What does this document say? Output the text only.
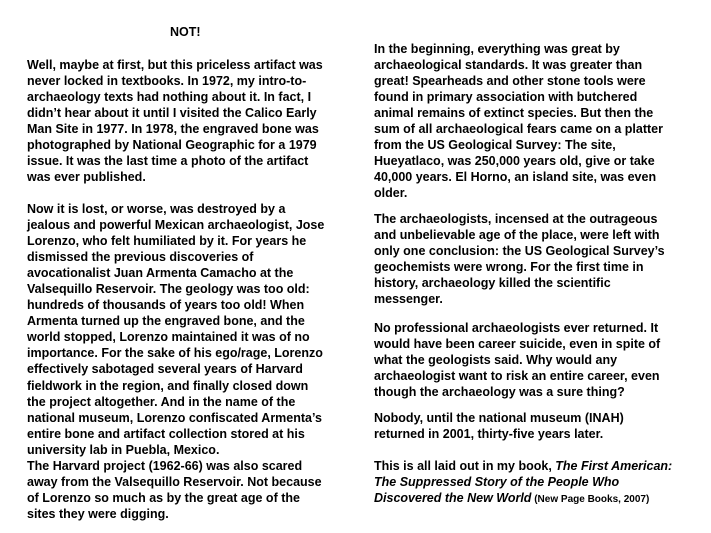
NOT!
Well, maybe at first, but this priceless artifact was
never locked in textbooks. In 1972, my intro-to-
archaeology texts had nothing about it. In fact, I
didn’t hear about it until I visited the Calico Early
Man Site in 1977. In 1978, the engraved bone was
photographed by National Geographic for a 1979
issue. It was the last time a photo of the artifact
was ever published.
Now it is lost, or worse, was destroyed by a
jealous and powerful Mexican archaeologist, Jose
Lorenzo, who felt humiliated by it. For years he
dismissed the previous discoveries of
avocationalist Juan Armenta Camacho at the
Valsequillo Reservoir. The geology was too old:
hundreds of thousands of years too old! When
Armenta turned up the engraved bone, and the
world stopped, Lorenzo maintained it was of no
importance. For the sake of his ego/rage, Lorenzo
effectively sabotaged several years of Harvard
fieldwork in the region, and finally closed down
the project altogether. And in the name of the
national museum, Lorenzo confiscated Armenta’s
entire bone and artifact collection stored at his
university lab in Puebla, Mexico.
The Harvard project (1962-66) was also scared
away from the Valsequillo Reservoir. Not because
of Lorenzo so much as by the great age of the
sites they were digging.
In the beginning, everything was great by
archaeological standards. It was greater than
great! Spearheads and other stone tools were
found in primary association with butchered
animal remains of extinct species. But then the
sum of all archaeological fears came on a platter
from the US Geological Survey: The site,
Hueyatlaco, was 250,000 years old, give or take
40,000 years. El Horno, an island site, was even
older.
The archaeologists, incensed at the outrageous
and unbelievable age of the place, were left with
only one conclusion: the US Geological Survey’s
geochemists were wrong. For the first time in
history, archaeology killed the scientific
messenger.
No professional archaeologists ever returned. It
would have been career suicide, even in spite of
what the geologists said. Why would any
archaeologist want to risk an entire career, even
though the archaeology was a sure thing?
Nobody, until the national museum (INAH)
returned in 2001, thirty-five years later.
This is all laid out in my book, The First American:
The Suppressed Story of the People Who
Discovered the New World (New Page Books, 2007)
